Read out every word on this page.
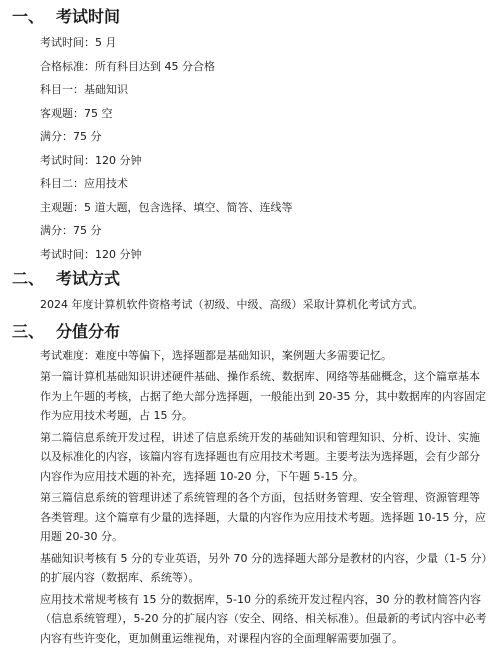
一、 考试时间
考试时间：5 月
合格标准：所有科目达到 45 分合格
科目一：基础知识
客观题：75 空
满分：75 分
考试时间：120 分钟
科目二：应用技术
主观题：5 道大题，包含选择、填空、简答、连线等
满分：75 分
考试时间：120 分钟
二、 考试方式
2024 年度计算机软件资格考试（初级、中级、高级）采取计算机化考试方式。
三、 分值分布
考试难度：难度中等偏下，选择题都是基础知识，案例题大多需要记忆。
第一篇计算机基础知识讲述硬件基础、操作系统、数据库、网络等基础概念，这个篇章基本作为上午题的考核，占据了绝大部分选择题，一般能出到 20-35 分，其中数据库的内容固定作为应用技术考题，占 15 分。
第二篇信息系统开发过程，讲述了信息系统开发的基础知识和管理知识、分析、设计、实施以及标准化的内容，该篇内容有选择题也有应用技术考题。主要考法为选择题，会有少部分内容作为应用技术题的补充，选择题 10-20 分，下午题 5-15 分。
第三篇信息系统的管理讲述了系统管理的各个方面，包括财务管理、安全管理、资源管理等各类管理。这个篇章有少量的选择题，大量的内容作为应用技术考题。选择题 10-15 分，应用题 20-30 分。
基础知识考核有 5 分的专业英语，另外 70 分的选择题大部分是教材的内容，少量（1-5 分）的扩展内容（数据库、系统等）。
应用技术常规考核有 15 分的数据库，5-10 分的系统开发过程内容，30 分的教材简答内容（信息系统管理），5-20 分的扩展内容（安全、网络、相关标准）。但最新的考试内容中必考内容有些许变化，更加侧重运维视角，对课程内容的全面理解需要加强了。
